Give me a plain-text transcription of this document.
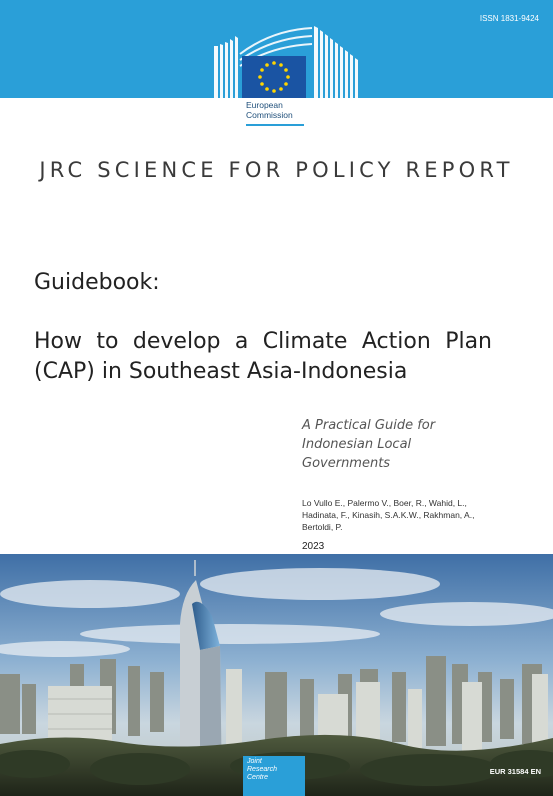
ISSN 1831-9424
European
Commission
JRC SCIENCE FOR POLICY REPORT
Guidebook:
How to develop a Climate Action Plan (CAP) in Southeast Asia-Indonesia
A Practical Guide for Indonesian Local Governments
Lo Vullo E., Palermo V., Boer, R., Wahid, L., Hadinata, F., Kinasih, S.A.K.W., Rakhman, A., Bertoldi, P.
2023
Joint
Research
Centre
EUR 31584 EN
